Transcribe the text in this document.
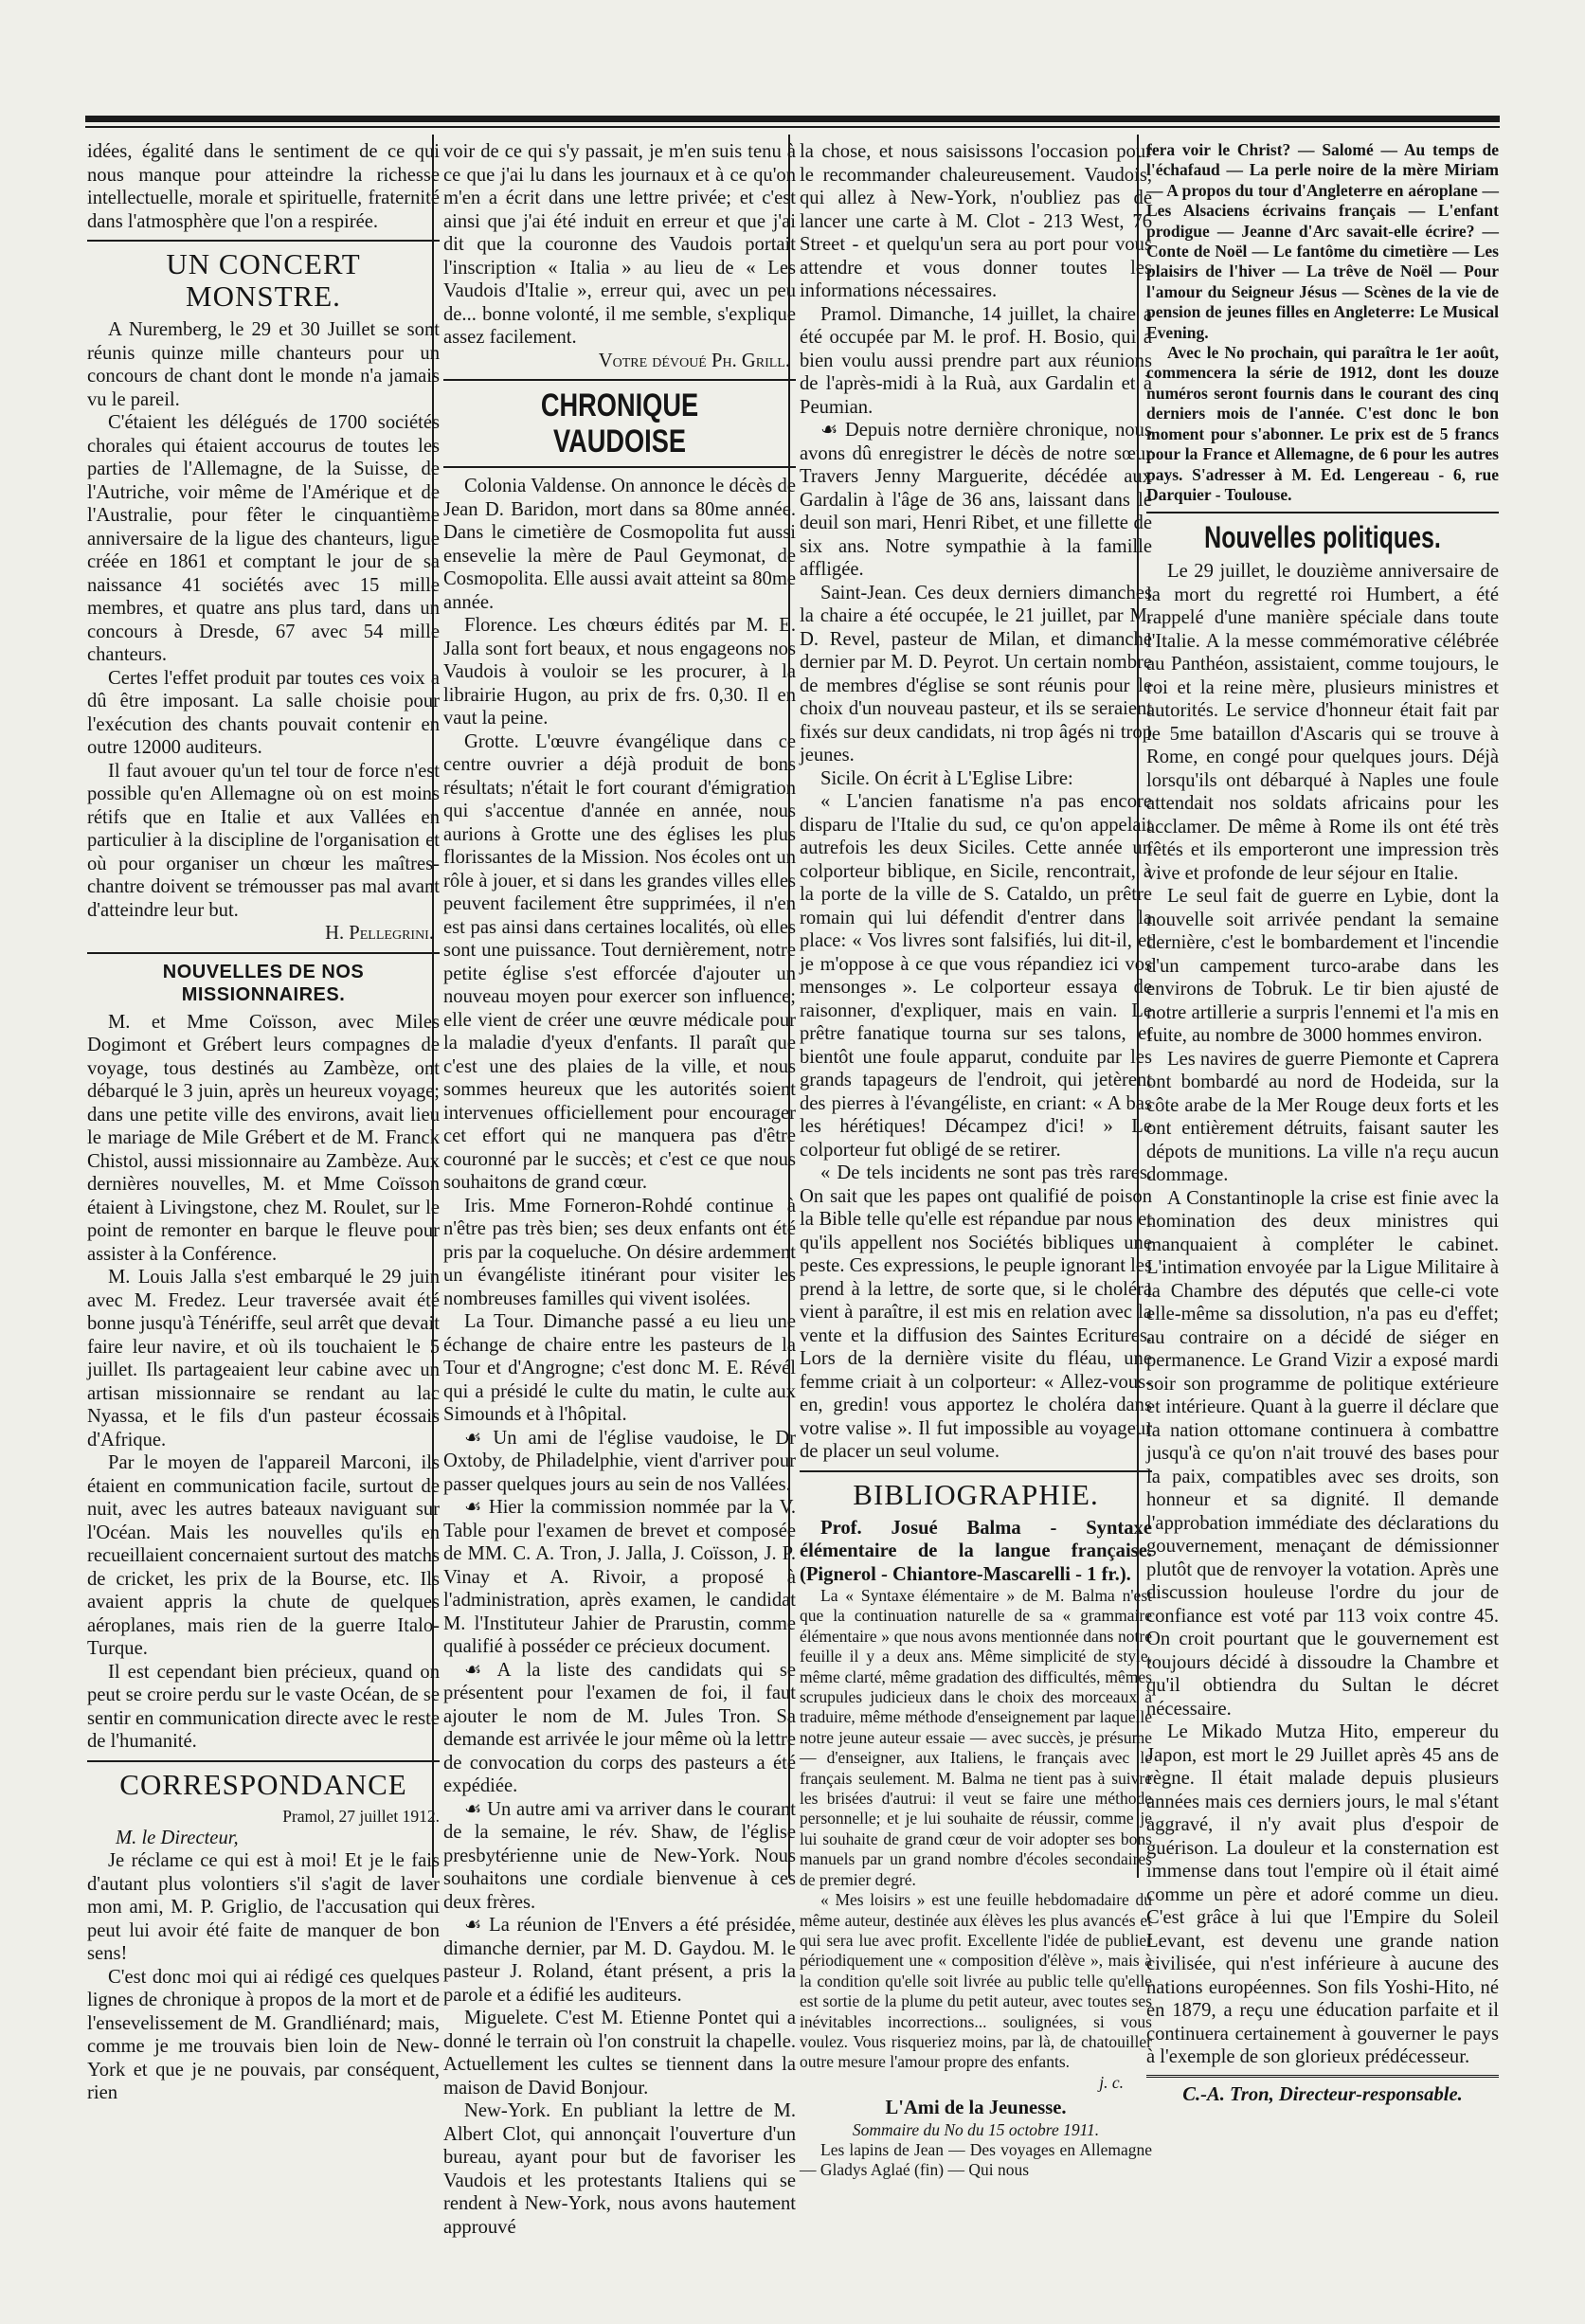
idées, égalité dans le sentiment de ce qui nous manque pour atteindre la richesse intellectuelle, morale et spirituelle, fraternité dans l'atmosphère que l'on a respirée.

UN CONCERT MONSTRE.

A Nuremberg, le 29 et 30 Juillet se sont réunis quinze mille chanteurs pour un concours de chant dont le monde n'a jamais vu le pareil.

C'étaient les délégués de 1700 sociétés chorales qui étaient accourus de toutes les parties de l'Allemagne, de la Suisse, de l'Autriche, voir même de l'Amérique et de l'Australie, pour fêter le cinquantième anniversaire de la ligue des chanteurs, ligue créée en 1861 et comptant le jour de sa naissance 41 sociétés avec 15 mille membres, et quatre ans plus tard, dans un concours à Dresde, 67 avec 54 mille chanteurs.

Certes l'effet produit par toutes ces voix a dû être imposant. La salle choisie pour l'exécution des chants pouvait contenir en outre 12000 auditeurs.

Il faut avouer qu'un tel tour de force n'est possible qu'en Allemagne où on est moins rétifs que en Italie et aux Vallées en particulier à la discipline de l'organisation et où pour organiser un chœur les maîtres-chantre doivent se trémousser pas mal avant d'atteindre leur but.

H. Pellegrini.
NOUVELLES DE NOS MISSIONNAIRES.

M. et Mme Coïsson, avec Miles Dogimont et Grébert leurs compagnes de voyage, tous destinés au Zambèze, ont débarqué le 3 juin, après un heureux voyage; dans une petite ville des environs, avait lieu le mariage de Mile Grébert et de M. Franck Chistol, aussi missionnaire au Zambèze. Aux dernières nouvelles, M. et Mme Coïsson étaient à Livingstone, chez M. Roulet, sur le point de remonter en barque le fleuve pour assister à la Conférence.

M. Louis Jalla s'est embarqué le 29 juin avec M. Fredez. Leur traversée avait été bonne jusqu'à Ténériffe, seul arrêt que devait faire leur navire, et où ils touchaient le 5 juillet. Ils partageaient leur cabine avec un artisan missionnaire se rendant au lac Nyassa, et le fils d'un pasteur écossais d'Afrique.

Par le moyen de l'appareil Marconi, ils étaient en communication facile, surtout de nuit, avec les autres bateaux naviguant sur l'Océan. Mais les nouvelles qu'ils en recueillaient concernaient surtout des matchs de cricket, les prix de la Bourse, etc. Ils avaient appris la chute de quelques aéroplanes, mais rien de la guerre Italo-Turque.

Il est cependant bien précieux, quand on peut se croire perdu sur le vaste Océan, de se sentir en communication directe avec le reste de l'humanité.

CORRESPONDANCE
Pramol, 27 juillet 1912.
M. le Directeur,

Je réclame ce qui est à moi! Et je le fais d'autant plus volontiers s'il s'agit de laver mon ami, M. P. Griglio, de l'accusation qui peut lui avoir été faite de manquer de bon sens!

C'est donc moi qui ai rédigé ces quelques lignes de chronique à propos de la mort et de l'ensevelissement de M. Grandliénard; mais, comme je me trouvais bien loin de New-York et que je ne pouvais, par conséquent, rien

voir de ce qui s'y passait, je m'en suis tenu à ce que j'ai lu dans les journaux et à ce qu'on m'en a écrit dans une lettre privée; et c'est ainsi que j'ai été induit en erreur et que j'ai dit que la couronne des Vaudois portait l'inscription « Italia » au lieu de « Les Vaudois d'Italie », erreur qui, avec un peu de... bonne volonté, il me semble, s'explique assez facilement.

Votre dévoué Ph. Grill.
CHRONIQUE VAUDOISE

Colonia Valdense. On annonce le décès de Jean D. Baridon, mort dans sa 80me année. Dans le cimetière de Cosmopolita fut aussi ensevelie la mère de Paul Geymonat, de Cosmopolita. Elle aussi avait atteint sa 80me année.

Florence. Les chœurs édités par M. E. Jalla sont fort beaux, et nous engageons nos Vaudois à vouloir se les procurer, à la librairie Hugon, au prix de frs. 0,30. Il en vaut la peine.

Grotte. L'œuvre évangélique dans ce centre ouvrier a déjà produit de bons résultats; n'était le fort courant d'émigration qui s'accentue d'année en année, nous aurions à Grotte une des églises les plus florissantes de la Mission. Nos écoles ont un rôle à jouer, et si dans les grandes villes elles peuvent facilement être supprimées, il n'en est pas ainsi dans certaines localités, où elles sont une puissance. Tout dernièrement, notre petite église s'est efforcée d'ajouter un nouveau moyen pour exercer son influence; elle vient de créer une œuvre médicale pour la maladie d'yeux d'enfants. Il paraît que c'est une des plaies de la ville, et nous sommes heureux que les autorités soient intervenues officiellement pour encourager cet effort qui ne manquera pas d'être couronné par le succès; et c'est ce que nous souhaitons de grand cœur.

Iris. Mme Forneron-Rohdé continue à n'être pas très bien; ses deux enfants ont été pris par la coqueluche. On désire ardemment un évangéliste itinérant pour visiter les nombreuses familles qui vivent isolées.

La Tour. Dimanche passé a eu lieu une échange de chaire entre les pasteurs de la Tour et d'Angrogne; c'est donc M. E. Révél qui a présidé le culte du matin, le culte aux Simounds et à l'hôpital.

☙ Un ami de l'église vaudoise, le Dr Oxtoby, de Philadelphie, vient d'arriver pour passer quelques jours au sein de nos Vallées.

☙ Hier la commission nommée par la V. Table pour l'examen de brevet et composée de MM. C. A. Tron, J. Jalla, J. Coïsson, J. P. Vinay et A. Rivoir, a proposé à l'administration, après examen, le candidat M. l'Instituteur Jahier de Prarustin, comme qualifié à posséder ce précieux document.

☙ A la liste des candidats qui se présentent pour l'examen de foi, il faut ajouter le nom de M. Jules Tron. Sa demande est arrivée le jour même où la lettre de convocation du corps des pasteurs a été expédiée.

☙ Un autre ami va arriver dans le courant de la semaine, le rév. Shaw, de l'église presbytérienne unie de New-York. Nous souhaitons une cordiale bienvenue à ces deux frères.

☙ La réunion de l'Envers a été présidée, dimanche dernier, par M. D. Gaydou. M. le pasteur J. Roland, étant présent, a pris la parole et a édifié les auditeurs.

Miguelete. C'est M. Etienne Pontet qui a donné le terrain où l'on construit la chapelle. Actuellement les cultes se tiennent dans la maison de David Bonjour.

New-York. En publiant la lettre de M. Albert Clot, qui annonçait l'ouverture d'un bureau, ayant pour but de favoriser les Vaudois et les protestants Italiens qui se rendent à New-York, nous avons hautement approuvé

la chose, et nous saisissons l'occasion pour le recommander chaleureusement. Vaudois, qui allez à New-York, n'oubliez pas de lancer une carte à M. Clot - 213 West, 76 Street - et quelqu'un sera au port pour vous attendre et vous donner toutes les informations nécessaires.

Pramol. Dimanche, 14 juillet, la chaire a été occupée par M. le prof. H. Bosio, qui a bien voulu aussi prendre part aux réunions de l'après-midi à la Ruà, aux Gardalin et à Peumian.

☙ Depuis notre dernière chronique, nous avons dû enregistrer le décès de notre sœur Travers Jenny Marguerite, décédée aux Gardalin à l'âge de 36 ans, laissant dans le deuil son mari, Henri Ribet, et une fillette de six ans. Notre sympathie à la famille affligée.

Saint-Jean. Ces deux derniers dimanches la chaire a été occupée, le 21 juillet, par M. D. Revel, pasteur de Milan, et dimanche dernier par M. D. Peyrot. Un certain nombre de membres d'église se sont réunis pour le choix d'un nouveau pasteur, et ils se seraient fixés sur deux candidats, ni trop âgés ni trop jeunes.

Sicile. On écrit à L'Eglise Libre:

« L'ancien fanatisme n'a pas encore disparu de l'Italie du sud, ce qu'on appelait autrefois les deux Siciles. Cette année un colporteur biblique, en Sicile, rencontrait, à la porte de la ville de S. Cataldo, un prêtre romain qui lui défendit d'entrer dans la place: « Vos livres sont falsifiés, lui dit-il, et je m'oppose à ce que vous répandiez ici vos mensonges ». Le colporteur essaya de raisonner, d'expliquer, mais en vain. Le prêtre fanatique tourna sur ses talons, et bientôt une foule apparut, conduite par les grands tapageurs de l'endroit, qui jetèrent des pierres à l'évangéliste, en criant: « A bas les hérétiques! Décampez d'ici! » Le colporteur fut obligé de se retirer.

« De tels incidents ne sont pas très rares. On sait que les papes ont qualifié de poison la Bible telle qu'elle est répandue par nous et qu'ils appellent nos Sociétés bibliques une peste. Ces expressions, le peuple ignorant les prend à la lettre, de sorte que, si le choléra vient à paraître, il est mis en relation avec la vente et la diffusion des Saintes Ecritures. Lors de la dernière visite du fléau, une femme criait à un colporteur: « Allez-vous-en, gredin! vous apportez le choléra dans votre valise ». Il fut impossible au voyageur de placer un seul volume.

BIBLIOGRAPHIE.

Prof. Josué Balma - Syntaxe élémentaire de la langue française. (Pignerol - Chiantore-Mascarelli - 1 fr.).

La « Syntaxe élémentaire » de M. Balma n'est que la continuation naturelle de sa « grammaire élémentaire » que nous avons mentionnée dans notre feuille il y a deux ans. Même simplicité de style, même clarté, même gradation des difficultés, mêmes scrupules judicieux dans le choix des morceaux à traduire, même méthode d'enseignement par laquelle notre jeune auteur essaie — avec succès, je présume — d'enseigner, aux Italiens, le français avec le français seulement. M. Balma ne tient pas à suivre les brisées d'autrui: il veut se faire une méthode personnelle; et je lui souhaite de réussir, comme je lui souhaite de grand cœur de voir adopter ses bons manuels par un grand nombre d'écoles secondaires de premier degré.

« Mes loisirs » est une feuille hebdomadaire du même auteur, destinée aux élèves les plus avancés et qui sera lue avec profit. Excellente l'idée de publier périodiquement une « composition d'élève », mais à la condition qu'elle soit livrée au public telle qu'elle est sortie de la plume du petit auteur, avec toutes ses inévitables incorrections... soulignées, si vous voulez. Vous risqueriez moins, par là, de chatouiller outre mesure l'amour propre des enfants.

j. c.
L'Ami de la Jeunesse.
Sommaire du No du 15 octobre 1911.

Les lapins de Jean — Des voyages en Allemagne — Gladys Aglaé (fin) — Qui nous

fera voir le Christ? — Salomé — Au temps de l'échafaud — La perle noire de la mère Miriam — A propos du tour d'Angleterre en aéroplane — Les Alsaciens écrivains français — L'enfant prodigue — Jeanne d'Arc savait-elle écrire? — Conte de Noël — Le fantôme du cimetière — Les plaisirs de l'hiver — La trêve de Noël — Pour l'amour du Seigneur Jésus — Scènes de la vie de pension de jeunes filles en Angleterre: Le Musical Evening.

Avec le No prochain, qui paraîtra le 1er août, commencera la série de 1912, dont les douze numéros seront fournis dans le courant des cinq derniers mois de l'année. C'est donc le bon moment pour s'abonner. Le prix est de 5 francs pour la France et Allemagne, de 6 pour les autres pays. S'adresser à M. Ed. Lengereau - 6, rue Darquier - Toulouse.

Nouvelles politiques.

Le 29 juillet, le douzième anniversaire de la mort du regretté roi Humbert, a été rappelé d'une manière spéciale dans toute l'Italie. A la messe commémorative célébrée au Panthéon, assistaient, comme toujours, le roi et la reine mère, plusieurs ministres et autorités. Le service d'honneur était fait par le 5me bataillon d'Ascaris qui se trouve à Rome, en congé pour quelques jours. Déjà lorsqu'ils ont débarqué à Naples une foule attendait nos soldats africains pour les acclamer. De même à Rome ils ont été très fêtés et ils emporteront une impression très vive et profonde de leur séjour en Italie.

Le seul fait de guerre en Lybie, dont la nouvelle soit arrivée pendant la semaine dernière, c'est le bombardement et l'incendie d'un campement turco-arabe dans les environs de Tobruk. Le tir bien ajusté de notre artillerie a surpris l'ennemi et l'a mis en fuite, au nombre de 3000 hommes environ.

Les navires de guerre Piemonte et Caprera ont bombardé au nord de Hodeida, sur la côte arabe de la Mer Rouge deux forts et les ont entièrement détruits, faisant sauter les dépots de munitions. La ville n'a reçu aucun dommage.

A Constantinople la crise est finie avec la nomination des deux ministres qui manquaient à compléter le cabinet. L'intimation envoyée par la Ligue Militaire à la Chambre des députés que celle-ci vote elle-même sa dissolution, n'a pas eu d'effet; au contraire on a décidé de siéger en permanence. Le Grand Vizir a exposé mardi soir son programme de politique extérieure et intérieure. Quant à la guerre il déclare que la nation ottomane continuera à combattre jusqu'à ce qu'on n'ait trouvé des bases pour la paix, compatibles avec ses droits, son honneur et sa dignité. Il demande l'approbation immédiate des déclarations du gouvernement, menaçant de démissionner plutôt que de renvoyer la votation. Après une discussion houleuse l'ordre du jour de confiance est voté par 113 voix contre 45. On croit pourtant que le gouvernement est toujours décidé à dissoudre la Chambre et qu'il obtiendra du Sultan le décret nécessaire.

Le Mikado Mutza Hito, empereur du Japon, est mort le 29 Juillet après 45 ans de règne. Il était malade depuis plusieurs années mais ces derniers jours, le mal s'étant aggravé, il n'y avait plus d'espoir de guérison. La douleur et la consternation est immense dans tout l'empire où il était aimé comme un père et adoré comme un dieu. C'est grâce à lui que l'Empire du Soleil Levant, est devenu une grande nation civilisée, qui n'est inférieure à aucune des nations européennes. Son fils Yoshi-Hito, né en 1879, a reçu une éducation parfaite et il continuera certainement à gouverner le pays à l'exemple de son glorieux prédécesseur.

C.-A. Tron, Directeur-responsable.
